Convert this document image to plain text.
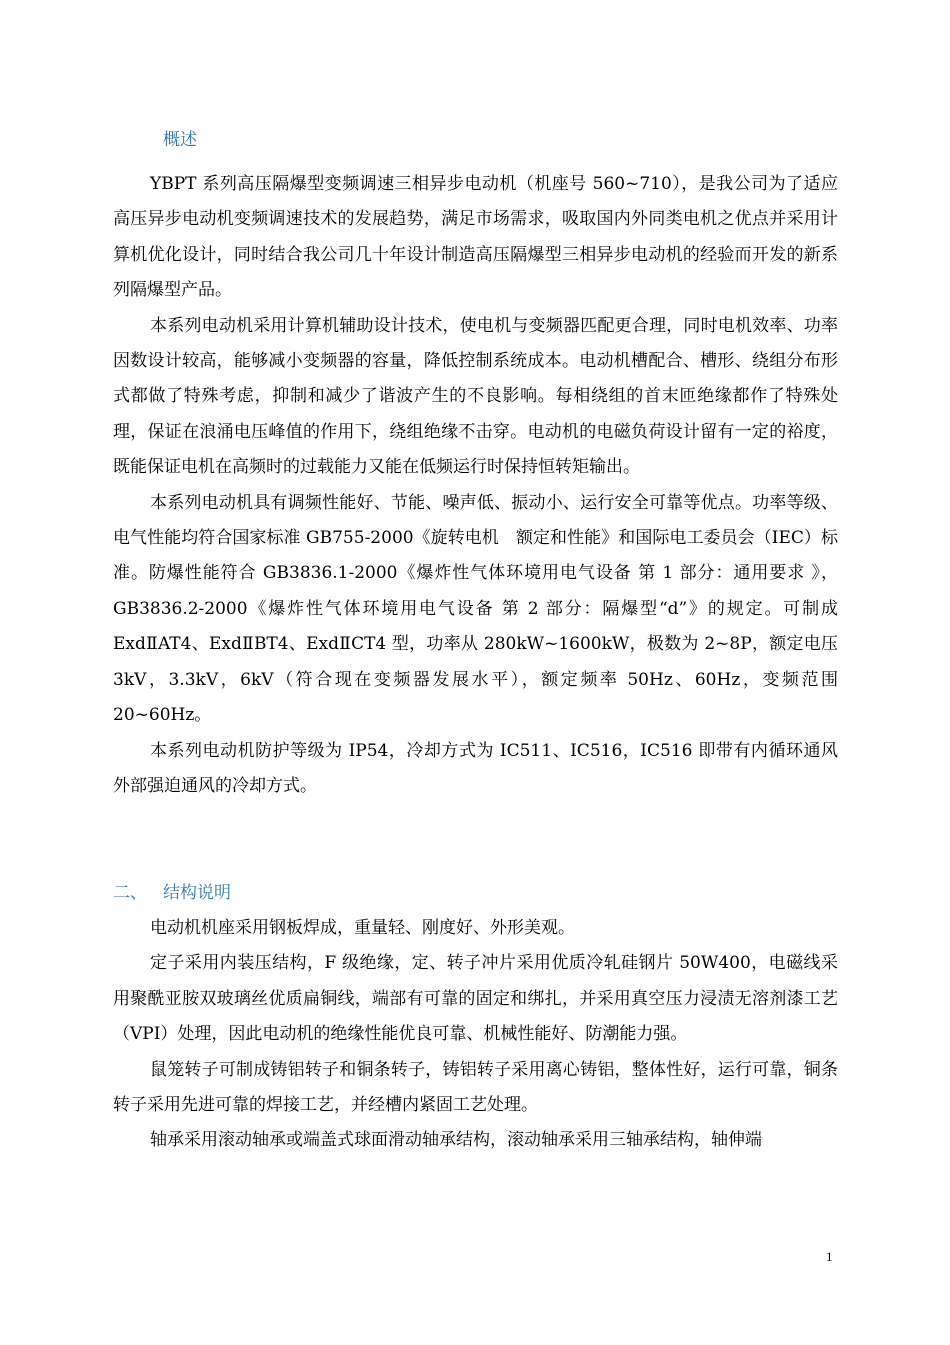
概述

YBPT 系列高压隔爆型变频调速三相异步电动机（机座号 560~710），是我公司为了适应高压异步电动机变频调速技术的发展趋势，满足市场需求，吸取国内外同类电机之优点并采用计算机优化设计，同时结合我公司几十年设计制造高压隔爆型三相异步电动机的经验而开发的新系列隔爆型产品。

本系列电动机采用计算机辅助设计技术，使电机与变频器匹配更合理，同时电机效率、功率因数设计较高，能够减小变频器的容量，降低控制系统成本。电动机槽配合、槽形、绕组分布形式都做了特殊考虑，抑制和减少了谐波产生的不良影响。每相绕组的首末匝绝缘都作了特殊处理，保证在浪涌电压峰值的作用下，绕组绝缘不击穿。电动机的电磁负荷设计留有一定的裕度，既能保证电机在高频时的过载能力又能在低频运行时保持恒转矩输出。

本系列电动机具有调频性能好、节能、噪声低、振动小、运行安全可靠等优点。功率等级、电气性能均符合国家标准 GB755-2000《旋转电机　额定和性能》和国际电工委员会（IEC）标准。防爆性能符合 GB3836.1-2000《爆炸性气体环境用电气设备 第 1 部分：通用要求 》，GB3836.2-2000《爆炸性气体环境用电气设备 第 2 部分：隔爆型“d”》的规定。可制成 ExdⅡAT4、ExdⅡBT4、ExdⅡCT4 型，功率从 280kW~1600kW，极数为 2~8P，额定电压 3kV，3.3kV，6kV（符合现在变频器发展水平），额定频率 50Hz、60Hz，变频范围 20~60Hz。

本系列电动机防护等级为 IP54，冷却方式为 IC511、IC516，IC516 即带有内循环通风外部强迫通风的冷却方式。

二、 结构说明

电动机机座采用钢板焊成，重量轻、刚度好、外形美观。

定子采用内装压结构，F 级绝缘，定、转子冲片采用优质冷轧硅钢片 50W400，电磁线采用聚酰亚胺双玻璃丝优质扁铜线，端部有可靠的固定和绑扎，并采用真空压力浸渍无溶剂漆工艺（VPI）处理，因此电动机的绝缘性能优良可靠、机械性能好、防潮能力强。

鼠笼转子可制成铸铝转子和铜条转子，铸铝转子采用离心铸铝，整体性好，运行可靠，铜条转子采用先进可靠的焊接工艺，并经槽内紧固工艺处理。

轴承采用滚动轴承或端盖式球面滑动轴承结构，滚动轴承采用三轴承结构，轴伸端

1
